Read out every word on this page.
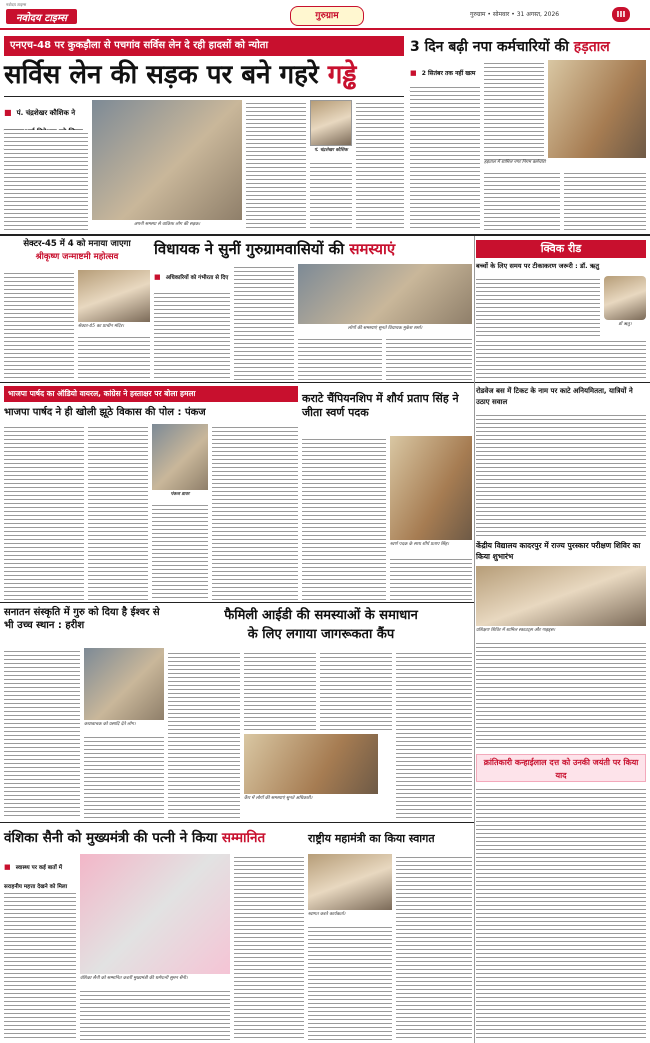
नवोदय टाइम्स
नवोदय टाइम्स	गुरुग्राम	गुरुग्राम • सोमवार • 31 अगस्त, 2026	III
एनएच-48 पर कुकड़ौला से पचगांव सर्विस लेन दे रही हादसों को न्योता
सर्विस लेन की सड़क पर बने गहरे गड्ढे
■ पं. चंद्रशेखर कौशिक ने
अपनी समस्या से वाकिफ लोग की सड़क।
पं. चंद्रशेखर कौशिक
3 दिन बढ़ी नपा कर्मचारियों की हड़ताल
■ 2 सितंबर तक नहीं खत्म
हड़ताल में शामिल नगर निगम कर्मचारी
सेक्टर-45 में 4 को मनाया जाएगा
श्रीकृष्ण जन्माष्टमी महोत्सव
सेक्टर-45 का प्राचीन मंदिर।
विधायक ने सुनीं गुरुग्रामवासियों की समस्याएं
■ अधिकारियों को गंभीरता से दिए
लोगों की समस्याएं सुनते विधायक मुकेश शर्मा।
क्विक रीड
बच्चों के लिए समय पर टीकाकरण जरूरी : डॉ. ऋतु
डॉ ऋतु।
भाजपा पार्षद का ऑडियो वायरल, कांग्रेस ने हस्ताक्षर पर बोला हमला
भाजपा पार्षद ने ही खोली झूठे विकास की पोल : पंकज
पंकज डावर
कराटे चैंपियनशिप में शौर्य प्रताप सिंह ने जीता स्वर्ण पदक
स्वर्ण पदक के साथ शौर्य प्रताप सिंह।
रोडवेज बस में टिकट के नाम पर काटे अनियमितता, यात्रियों ने उठाए सवाल
केंद्रीय विद्यालय कादरपुर में राज्य पुरस्कार परीक्षण शिविर का किया शुभारंभ
सनातन संस्कृति में गुरु को दिया है ईश्वर से भी उच्च स्थान : हरीश
कथावाचक को प्रसादि देते लोग।
फैमिली आईडी की समस्याओं के समाधान
के लिए लगाया जागरूकता कैंप
कैंप में लोगों की समस्याएं सुनते अधिकारी।
प्रशिक्षण शिविर में शामिल स्काउट्स और गाइड्स।
क्रांतिकारी कन्हाईलाल दत्त को उनकी जयंती पर किया याद
वंशिका सैनी को मुख्यमंत्री की पत्नी ने किया सम्मानित
■ स्वास्थ्य पर कई बातों में सराहनीय महत्ता देखने को मिला
वंशिका सैनी को सम्मानित करतीं मुख्यमंत्री की धर्मपत्नी सुमन सैनी।
राष्ट्रीय महामंत्री का किया स्वागत
स्वागत करते कार्यकर्ता।
